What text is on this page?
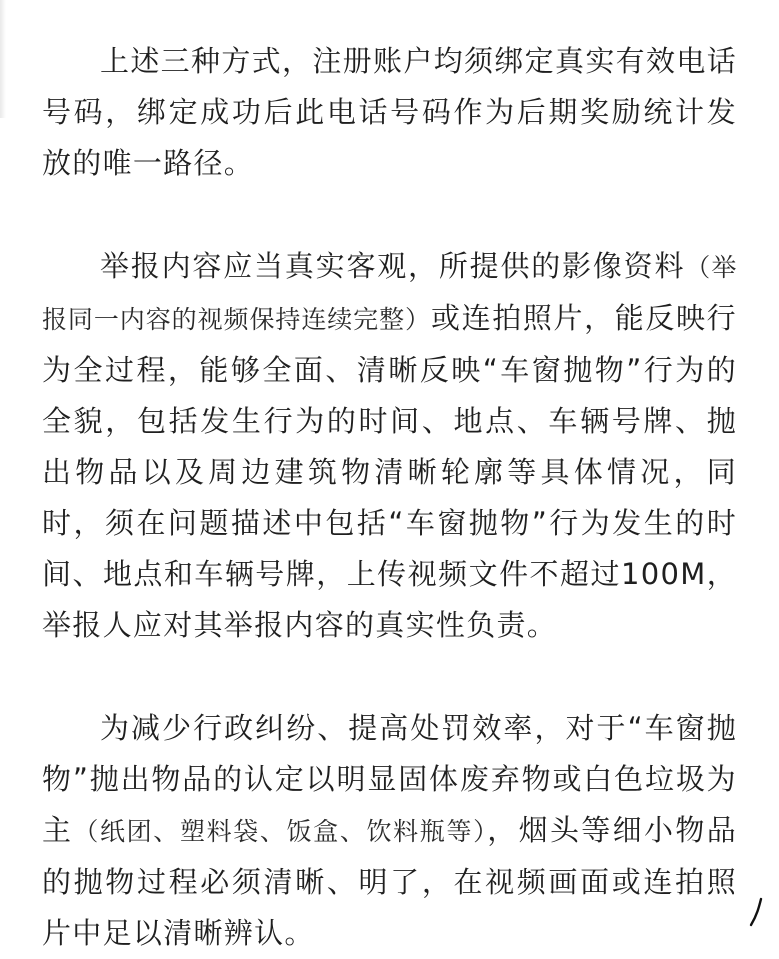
上述三种方式，注册账户均须绑定真实有效电话号码，绑定成功后此电话号码作为后期奖励统计发放的唯一路径。

举报内容应当真实客观，所提供的影像资料（举报同一内容的视频保持连续完整）或连拍照片，能反映行为全过程，能够全面、清晰反映“车窗抛物”行为的全貌，包括发生行为的时间、地点、车辆号牌、抛出物品以及周边建筑物清晰轮廓等具体情况，同时，须在问题描述中包括“车窗抛物”行为发生的时间、地点和车辆号牌，上传视频文件不超过100M，举报人应对其举报内容的真实性负责。

为减少行政纠纷、提高处罚效率，对于“车窗抛物”抛出物品的认定以明显固体废弃物或白色垃圾为主（纸团、塑料袋、饭盒、饮料瓶等），烟头等细小物品的抛物过程必须清晰、明了，在视频画面或连拍照片中足以清晰辨认。
